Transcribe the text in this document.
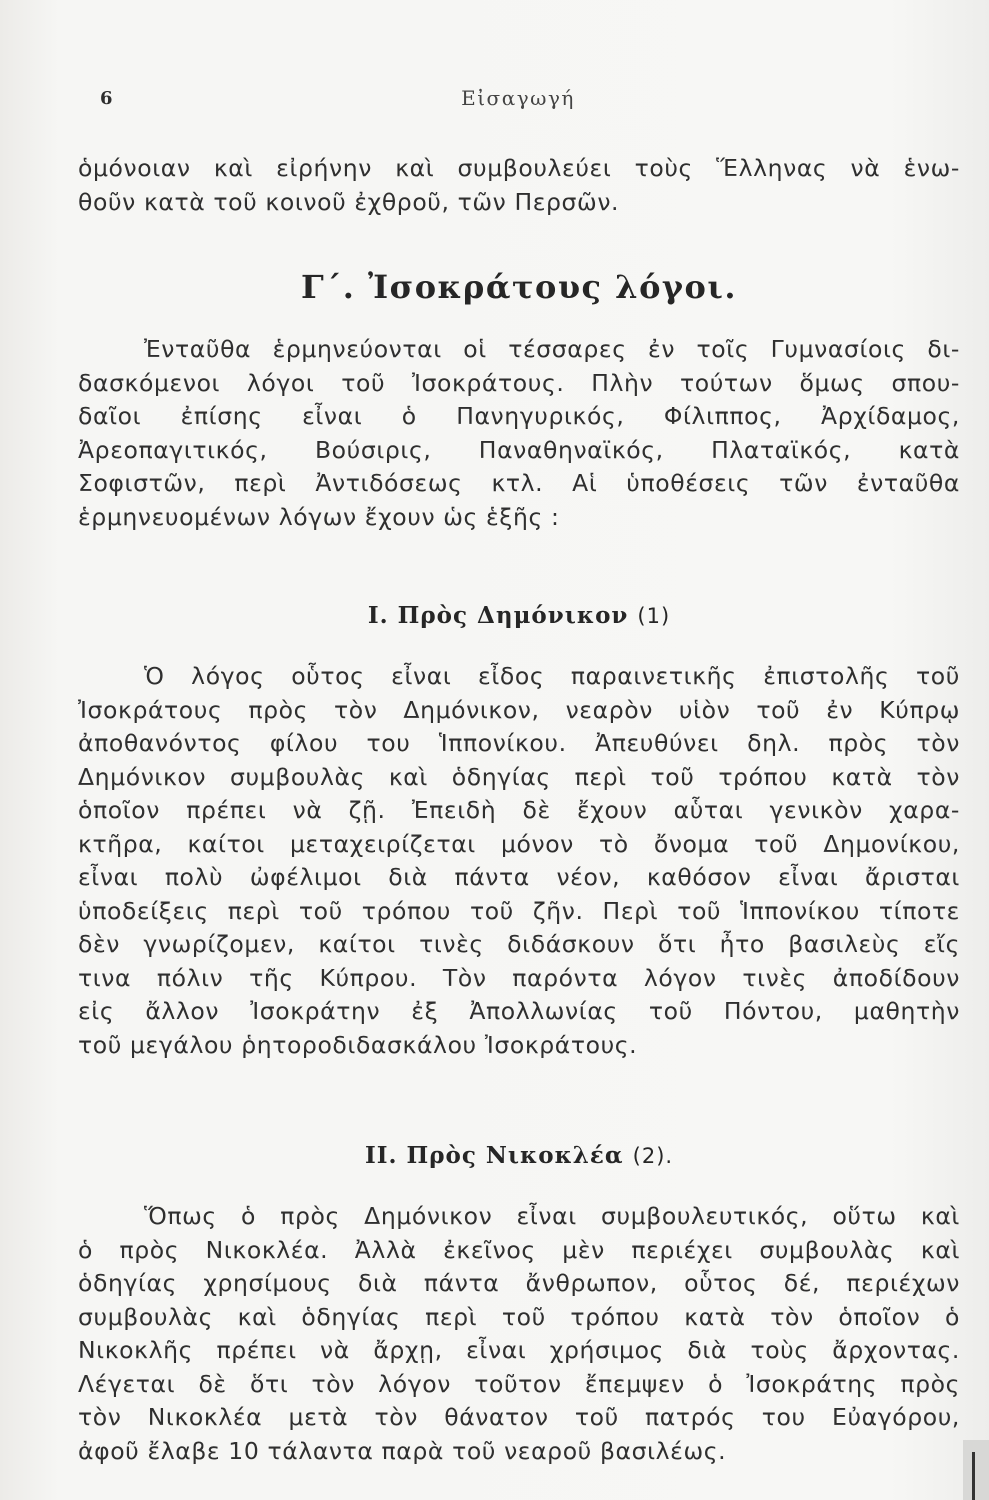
6	Εἰσαγωγή
ὁμόνοιαν καὶ εἰρήνην καὶ συμβουλεύει τοὺς Ἕλληνας νὰ ἑνω-
θοῦν κατὰ τοῦ κοινοῦ ἐχθροῦ, τῶν Περσῶν.
Γ΄. Ἰσοκράτους λόγοι.
Ἐνταῦθα ἑρμηνεύονται οἱ τέσσαρες ἐν τοῖς Γυμνασίοις δι-
δασκόμενοι λόγοι τοῦ Ἰσοκράτους. Πλὴν τούτων ὅμως σπου-
δαῖοι ἐπίσης εἶναι ὁ Πανηγυρικός, Φίλιππος, Ἀρχίδαμος,
Ἀρεοπαγιτικός, Βούσιρις, Παναθηναϊκός, Πλαταϊκός, κατὰ
Σοφιστῶν, περὶ Ἀντιδόσεως κτλ. Αἱ ὑποθέσεις τῶν ἐνταῦθα
ἑρμηνευομένων λόγων ἔχουν ὡς ἑξῆς :
I. Πρὸς Δημόνικον (1)
Ὁ λόγος οὗτος εἶναι εἶδος παραινετικῆς ἐπιστολῆς τοῦ
Ἰσοκράτους πρὸς τὸν Δημόνικον, νεαρὸν υἱὸν τοῦ ἐν Κύπρῳ
ἀποθανόντος φίλου του Ἱππονίκου. Ἀπευθύνει δηλ. πρὸς τὸν
Δημόνικον συμβουλὰς καὶ ὁδηγίας περὶ τοῦ τρόπου κατὰ τὸν
ὁποῖον πρέπει νὰ ζῇ. Ἐπειδὴ δὲ ἔχουν αὗται γενικὸν χαρα-
κτῆρα, καίτοι μεταχειρίζεται μόνον τὸ ὄνομα τοῦ Δημονίκου,
εἶναι πολὺ ὠφέλιμοι διὰ πάντα νέον, καθόσον εἶναι ἄρισται
ὑποδείξεις περὶ τοῦ τρόπου τοῦ ζῆν. Περὶ τοῦ Ἱππονίκου τίποτε
δὲν γνωρίζομεν, καίτοι τινὲς διδάσκουν ὅτι ἦτο βασιλεὺς εἴς
τινα πόλιν τῆς Κύπρου. Τὸν παρόντα λόγον τινὲς ἀποδίδουν
εἰς ἄλλον Ἰσοκράτην ἐξ Ἀπολλωνίας τοῦ Πόντου, μαθητὴν
τοῦ μεγάλου ῥητοροδιδασκάλου Ἰσοκράτους.
II. Πρὸς Νικοκλέα (2).
Ὅπως ὁ πρὸς Δημόνικον εἶναι συμβουλευτικός, οὕτω καὶ
ὁ πρὸς Νικοκλέα. Ἀλλὰ ἐκεῖνος μὲν περιέχει συμβουλὰς καὶ
ὁδηγίας χρησίμους διὰ πάντα ἄνθρωπον, οὗτος δέ, περιέχων
συμβουλὰς καὶ ὁδηγίας περὶ τοῦ τρόπου κατὰ τὸν ὁποῖον ὁ
Νικοκλῆς πρέπει νὰ ἄρχῃ, εἶναι χρήσιμος διὰ τοὺς ἄρχοντας.
Λέγεται δὲ ὅτι τὸν λόγον τοῦτον ἔπεμψεν ὁ Ἰσοκράτης πρὸς
τὸν Νικοκλέα μετὰ τὸν θάνατον τοῦ πατρός του Εὐαγόρου,
ἀφοῦ ἔλαβε 10 τάλαντα παρὰ τοῦ νεαροῦ βασιλέως.
